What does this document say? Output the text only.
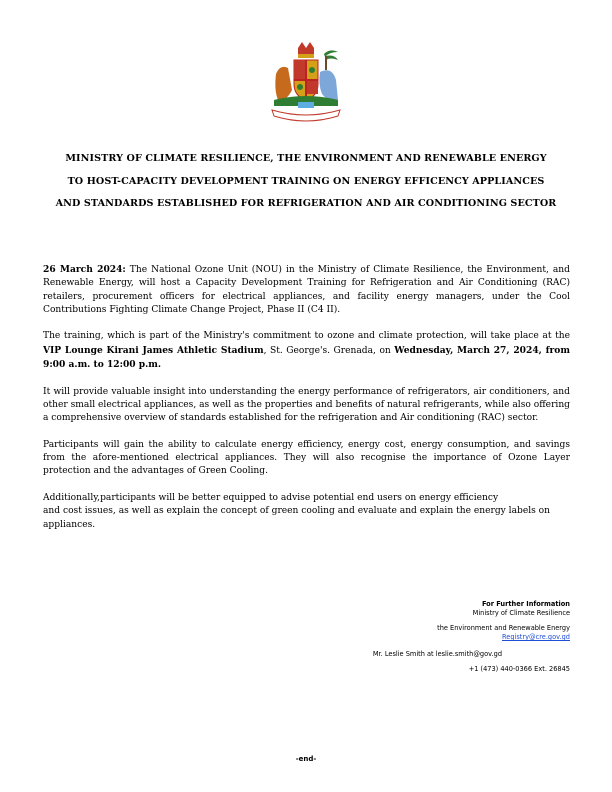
MINISTRY OF CLIMATE RESILIENCE, THE ENVIRONMENT AND RENEWABLE ENERGY
TO HOST-CAPACITY DEVELOPMENT TRAINING ON ENERGY EFFICENCY APPLIANCES
AND STANDARDS ESTABLISHED FOR REFRIGERATION AND AIR CONDITIONING SECTOR

26 March 2024: The National Ozone Unit (NOU) in the Ministry of Climate Resilience, the Environment, and Renewable Energy, will host a Capacity Development Training for Refrigeration and Air Conditioning (RAC) retailers, procurement officers for electrical appliances, and facility energy managers, under the Cool Contributions Fighting Climate Change Project, Phase II (C4 II).

The training, which is part of the Ministry's commitment to ozone and climate protection, will take place at the VIP Lounge Kirani James Athletic Stadium, St. George's. Grenada, on Wednesday, March 27, 2024, from 9:00 a.m. to 12:00 p.m.

It will provide valuable insight into understanding the energy performance of refrigerators, air conditioners, and other small electrical appliances, as well as the properties and benefits of natural refrigerants, while also offering a comprehensive overview of standards established for the refrigeration and Air conditioning (RAC) sector.

Participants will gain the ability to calculate energy efficiency, energy cost, energy consumption, and savings from the afore-mentioned electrical appliances. They will also recognise the importance of Ozone Layer protection and the advantages of Green Cooling.

Additionally,participants will be better equipped to advise potential end users on energy efficiency
and cost issues, as well as explain the concept of green cooling and evaluate and explain the energy labels on appliances.

For Further Information
Ministry of Climate Resilience
the Environment and Renewable Energy
Registry@cre.gov.gd
Mr. Leslie Smith at leslie.smith@gov.gd
+1 (473) 440-0366 Ext. 26845
-end-
